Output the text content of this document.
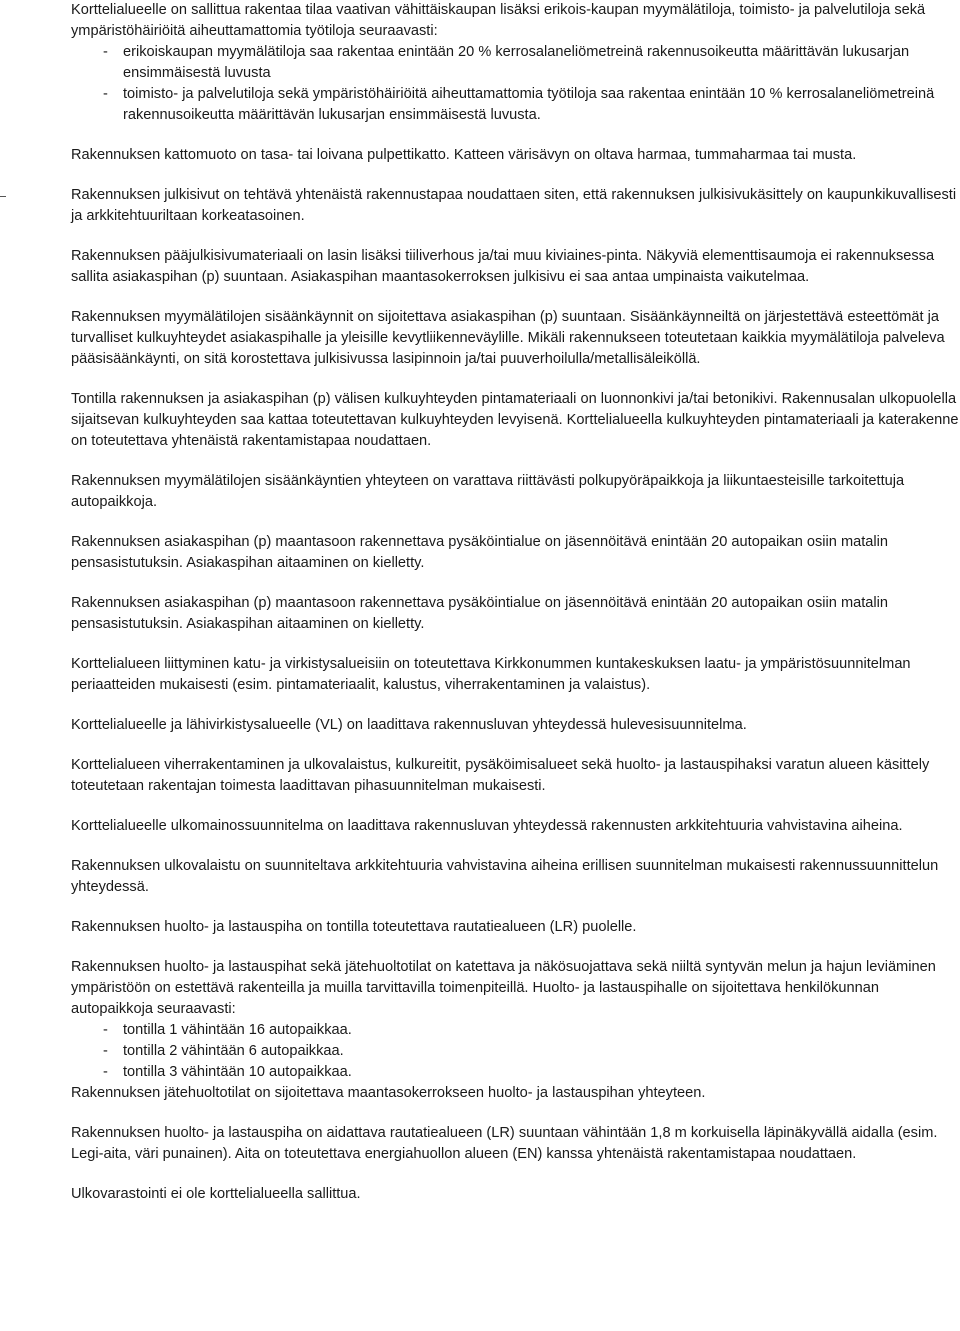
Korttelialueelle on sallittua rakentaa tilaa vaativan vähittäiskaupan lisäksi erikois-kaupan myymälätiloja, toimisto- ja palvelutiloja sekä ympäristöhäiriöitä aiheuttamattomia työtiloja seuraavasti:

- erikoiskaupan myymälätiloja saa rakentaa enintään 20 % kerrosalaneliömetreinä rakennusoikeutta määrittävän lukusarjan ensimmäisestä luvusta
- toimisto- ja palvelutiloja sekä ympäristöhäiriöitä aiheuttamattomia työtiloja saa rakentaa enintään 10 % kerrosalaneliömetreinä rakennusoikeutta määrittävän lukusarjan ensimmäisestä luvusta.

Rakennuksen kattomuoto on tasa- tai loivana pulpettikatto. Katteen värisävyn on oltava harmaa, tummaharmaa tai musta.

Rakennuksen julkisivut on tehtävä yhtenäistä rakennustapaa noudattaen siten, että rakennuksen julkisivukäsittely on kaupunkikuvallisesti ja arkkitehtuuriltaan korkeatasoinen.

Rakennuksen pääjulkisivumateriaali on lasin lisäksi tiiliverhous ja/tai muu kiviaines-pinta. Näkyviä elementtisaumoja ei rakennuksessa sallita asiakaspihan (p) suuntaan. Asiakaspihan maantasokerroksen julkisivu ei saa antaa umpinaista vaikutelmaa.

Rakennuksen myymälätilojen sisäänkäynnit on sijoitettava asiakaspihan (p) suuntaan. Sisäänkäynneiltä on järjestettävä esteettömät ja turvalliset kulkuyhteydet asiakaspihalle ja yleisille kevytliikenneväylille. Mikäli rakennukseen toteutetaan kaikkia myymälätiloja palveleva pääsisäänkäynti, on sitä korostettava julkisivussa lasipinnoin ja/tai puuverhoilulla/metallisäleiköllä.

Tontilla rakennuksen ja asiakaspihan (p) välisen kulkuyhteyden pintamateriaali on luonnonkivi ja/tai betonikivi. Rakennusalan ulkopuolella sijaitsevan kulkuyhteyden saa kattaa toteutettavan kulkuyhteyden levyisenä. Korttelialueella kulkuyhteyden pintamateriaali ja katerakenne on toteutettava yhtenäistä rakentamistapaa noudattaen.

Rakennuksen myymälätilojen sisäänkäyntien yhteyteen on varattava riittävästi polkupyöräpaikkoja ja liikuntaesteisille tarkoitettuja autopaikkoja.

Rakennuksen asiakaspihan (p) maantasoon rakennettava pysäköintialue on jäsennöitävä enintään 20 autopaikan osiin matalin pensasistutuksin. Asiakaspihan aitaaminen on kielletty.

Rakennuksen asiakaspihan (p) maantasoon rakennettava pysäköintialue on jäsennöitävä enintään 20 autopaikan osiin matalin pensasistutuksin. Asiakaspihan aitaaminen on kielletty.

Korttelialueen liittyminen katu- ja virkistysalueisiin on toteutettava Kirkkonummen kuntakeskuksen laatu- ja ympäristösuunnitelman periaatteiden mukaisesti (esim. pintamateriaalit, kalustus, viherrakentaminen ja valaistus).

Korttelialueelle ja lähivirkistysalueelle (VL) on laadittava rakennusluvan yhteydessä hulevesisuunnitelma.

Korttelialueen viherrakentaminen ja ulkovalaistus, kulkureitit, pysäköimisalueet sekä huolto- ja lastauspihaksi varatun alueen käsittely toteutetaan rakentajan toimesta laadittavan pihasuunnitelman mukaisesti.

Korttelialueelle ulkomainossuunnitelma on laadittava rakennusluvan yhteydessä rakennusten arkkitehtuuria vahvistavina aiheina.

Rakennuksen ulkovalaistu on suunniteltava arkkitehtuuria vahvistavina aiheina erillisen suunnitelman mukaisesti rakennussuunnittelun yhteydessä.

Rakennuksen huolto- ja lastauspiha on tontilla toteutettava rautatiealueen (LR) puolelle.

Rakennuksen huolto- ja lastauspihat sekä jätehuoltotilat on katettava ja näkösuojattava sekä niiltä syntyvän melun ja hajun leviäminen ympäristöön on estettävä rakenteilla ja muilla tarvittavilla toimenpiteillä. Huolto- ja lastauspihalle on sijoitettava henkilökunnan autopaikkoja seuraavasti:

- tontilla 1 vähintään 16 autopaikkaa.
- tontilla 2 vähintään 6 autopaikkaa.
- tontilla 3 vähintään 10 autopaikkaa.

Rakennuksen jätehuoltotilat on sijoitettava maantasokerrokseen huolto- ja lastauspihan yhteyteen.

Rakennuksen huolto- ja lastauspiha on aidattava rautatiealueen (LR) suuntaan vähintään 1,8 m korkuisella läpinäkyvällä aidalla (esim. Legi-aita, väri punainen). Aita on toteutettava energiahuollon alueen (EN) kanssa yhtenäistä rakentamistapaa noudattaen.

Ulkovarastointi ei ole korttelialueella sallittua.
